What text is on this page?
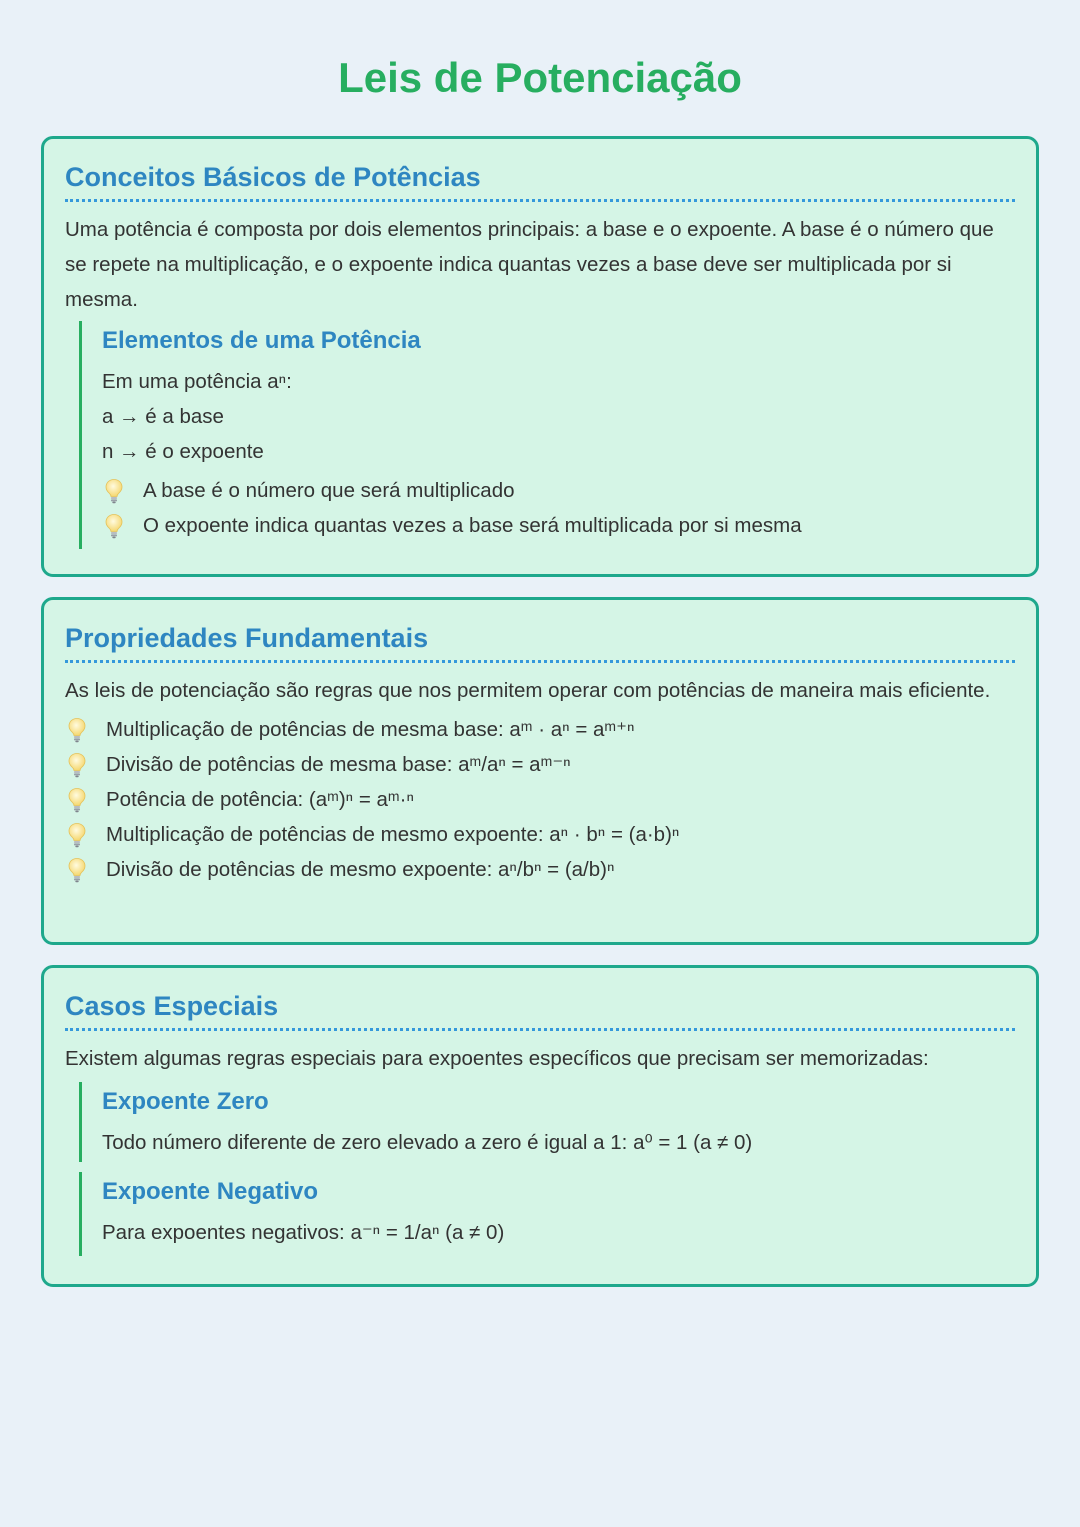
Leis de Potenciação
Conceitos Básicos de Potências

Uma potência é composta por dois elementos principais: a base e o expoente. A base é o número que se repete na multiplicação, e o expoente indica quantas vezes a base deve ser multiplicada por si mesma.

Elementos de uma Potência

Em uma potência aⁿ:

a → é a base

n → é o expoente

A base é o número que será multiplicado
O expoente indica quantas vezes a base será multiplicada por si mesma
Propriedades Fundamentais

As leis de potenciação são regras que nos permitem operar com potências de maneira mais eficiente.

Multiplicação de potências de mesma base: aᵐ · aⁿ = aᵐ⁺ⁿ
Divisão de potências de mesma base: aᵐ/aⁿ = aᵐ⁻ⁿ
Potência de potência: (aᵐ)ⁿ = aᵐ·ⁿ
Multiplicação de potências de mesmo expoente: aⁿ · bⁿ = (a·b)ⁿ
Divisão de potências de mesmo expoente: aⁿ/bⁿ = (a/b)ⁿ
Casos Especiais

Existem algumas regras especiais para expoentes específicos que precisam ser memorizadas:

Expoente Zero

Todo número diferente de zero elevado a zero é igual a 1: a⁰ = 1 (a ≠ 0)

Expoente Negativo

Para expoentes negativos: a⁻ⁿ = 1/aⁿ (a ≠ 0)
